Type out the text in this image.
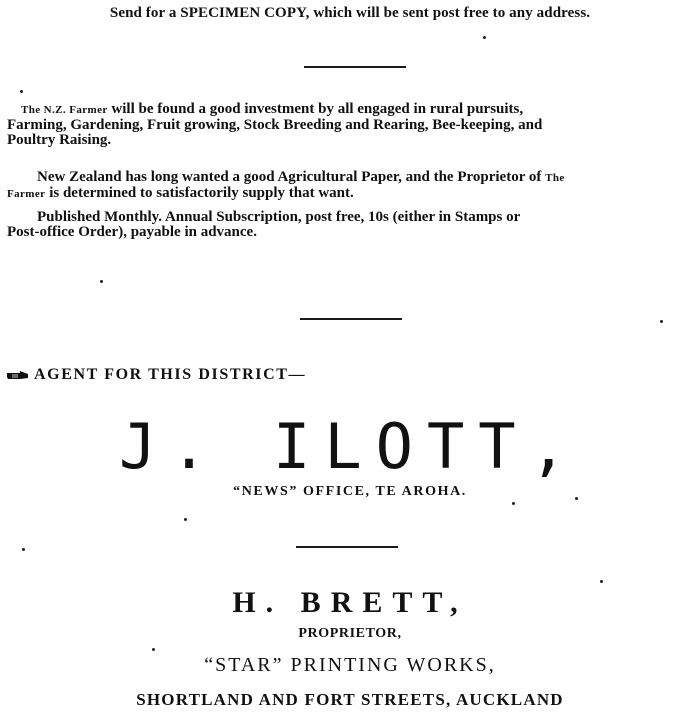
Send for a SPECIMEN COPY, which will be sent post free to any address.
The N.Z. Farmer will be found a good investment by all engaged in rural pursuits,
Farming, Gardening, Fruit growing, Stock Breeding and Rearing, Bee-keeping, and
Poultry Raising.
New Zealand has long wanted a good Agricultural Paper, and the Proprietor of The
Farmer is determined to satisfactorily supply that want.
Published Monthly. Annual Subscription, post free, 10s (either in Stamps or
Post-office Order), payable in advance.
AGENT FOR THIS DISTRICT—
J. ILOTT,
“NEWS” OFFICE, TE AROHA.
H. BRETT,
PROPRIETOR,
“STAR” PRINTING WORKS,
SHORTLAND AND FORT STREETS, AUCKLAND
